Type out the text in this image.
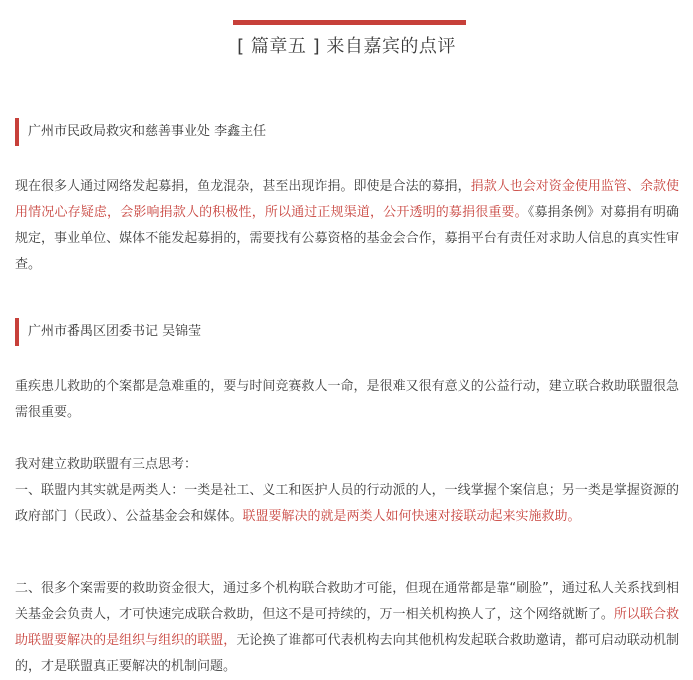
[ 篇章五 ] 来自嘉宾的点评
广州市民政局救灾和慈善事业处 李鑫主任

现在很多人通过网络发起募捐，鱼龙混杂，甚至出现诈捐。即使是合法的募捐，捐款人也会对资金使用监管、余款使用情况心存疑虑，会影响捐款人的积极性，所以通过正规渠道，公开透明的募捐很重要。《募捐条例》对募捐有明确规定，事业单位、媒体不能发起募捐的，需要找有公募资格的基金会合作，募捐平台有责任对求助人信息的真实性审查。

广州市番禺区团委书记 吴锦莹

重疾患儿救助的个案都是急难重的，要与时间竞赛救人一命，是很难又很有意义的公益行动，建立联合救助联盟很急需很重要。

我对建立救助联盟有三点思考：

一、联盟内其实就是两类人：一类是社工、义工和医护人员的行动派的人，一线掌握个案信息；另一类是掌握资源的政府部门（民政）、公益基金会和媒体。联盟要解决的就是两类人如何快速对接联动起来实施救助。

二、很多个案需要的救助资金很大，通过多个机构联合救助才可能，但现在通常都是靠“刷脸”，通过私人关系找到相关基金会负责人，才可快速完成联合救助，但这不是可持续的，万一相关机构换人了，这个网络就断了。所以联合救助联盟要解决的是组织与组织的联盟，无论换了谁都可代表机构去向其他机构发起联合救助邀请，都可启动联动机制的，才是联盟真正要解决的机制问题。
